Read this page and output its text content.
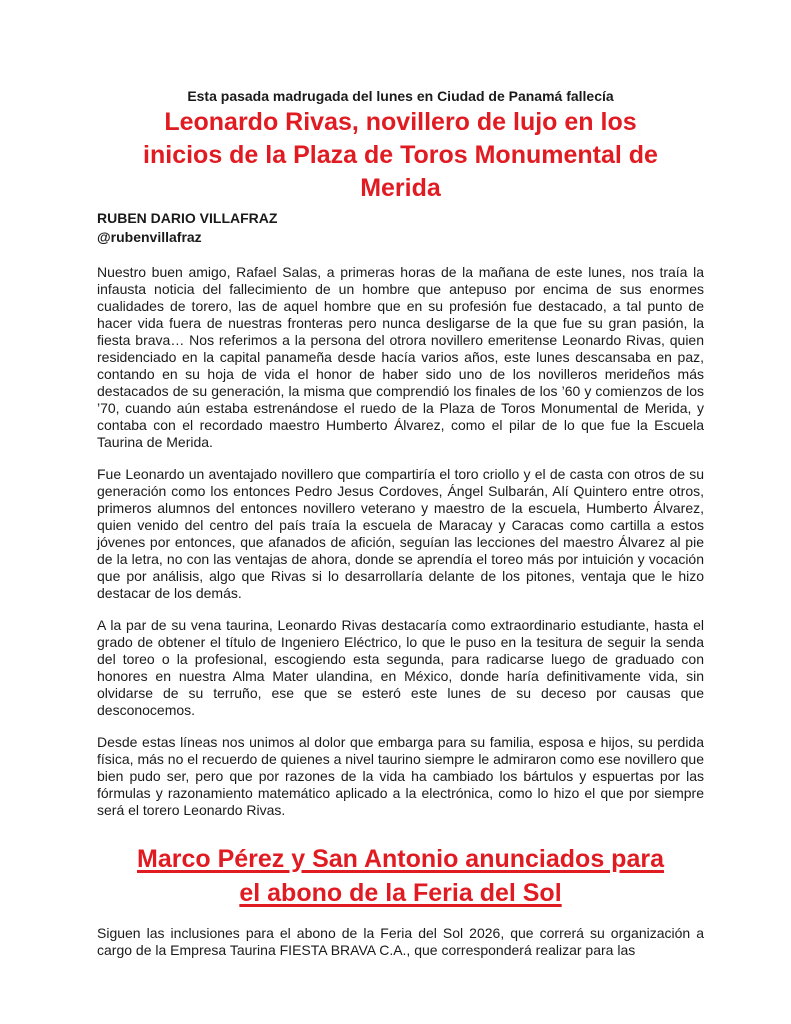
Esta pasada madrugada del lunes en Ciudad de Panamá fallecía

Leonardo Rivas, novillero de lujo en los
inicios de la Plaza de Toros Monumental de
Merida
RUBEN DARIO VILLAFRAZ
@rubenvillafraz

Nuestro buen amigo, Rafael Salas, a primeras horas de la mañana de este lunes, nos traía la infausta noticia del fallecimiento de un hombre que antepuso por encima de sus enormes cualidades de torero, las de aquel hombre que en su profesión fue destacado, a tal punto de hacer vida fuera de nuestras fronteras pero nunca desligarse de la que fue su gran pasión, la fiesta brava… Nos referimos a la persona del otrora novillero emeritense Leonardo Rivas, quien residenciado en la capital panameña desde hacía varios años, este lunes descansaba en paz, contando en su hoja de vida el honor de haber sido uno de los novilleros merideños más destacados de su generación, la misma que comprendió los finales de los ’60 y comienzos de los ’70, cuando aún estaba estrenándose el ruedo de la Plaza de Toros Monumental de Merida, y contaba con el recordado maestro Humberto Álvarez, como el pilar de lo que fue la Escuela Taurina de Merida.

Fue Leonardo un aventajado novillero que compartiría el toro criollo y el de casta con otros de su generación como los entonces Pedro Jesus Cordoves, Ángel Sulbarán, Alí Quintero entre otros, primeros alumnos del entonces novillero veterano y maestro de la escuela, Humberto Álvarez, quien venido del centro del país traía la escuela de Maracay y Caracas como cartilla a estos jóvenes por entonces, que afanados de afición, seguían las lecciones del maestro Álvarez al pie de la letra, no con las ventajas de ahora, donde se aprendía el toreo más por intuición y vocación que por análisis, algo que Rivas si lo desarrollaría delante de los pitones, ventaja que le hizo destacar de los demás.

A la par de su vena taurina, Leonardo Rivas destacaría como extraordinario estudiante, hasta el grado de obtener el título de Ingeniero Eléctrico, lo que le puso en la tesitura de seguir la senda del toreo o la profesional, escogiendo esta segunda, para radicarse luego de graduado con honores en nuestra Alma Mater ulandina, en México, donde haría definitivamente vida, sin olvidarse de su terruño, ese que se esteró este lunes de su deceso por causas que desconocemos.

Desde estas líneas nos unimos al dolor que embarga para su familia, esposa e hijos, su perdida física, más no el recuerdo de quienes a nivel taurino siempre le admiraron como ese novillero que bien pudo ser, pero que por razones de la vida ha cambiado los bártulos y espuertas por las fórmulas y razonamiento matemático aplicado a la electrónica, como lo hizo el que por siempre será el torero Leonardo Rivas.

Marco Pérez y San Antonio anunciados para
el abono de la Feria del Sol

Siguen las inclusiones para el abono de la Feria del Sol 2026, que correrá su organización a cargo de la Empresa Taurina FIESTA BRAVA C.A., que corresponderá realizar para las
